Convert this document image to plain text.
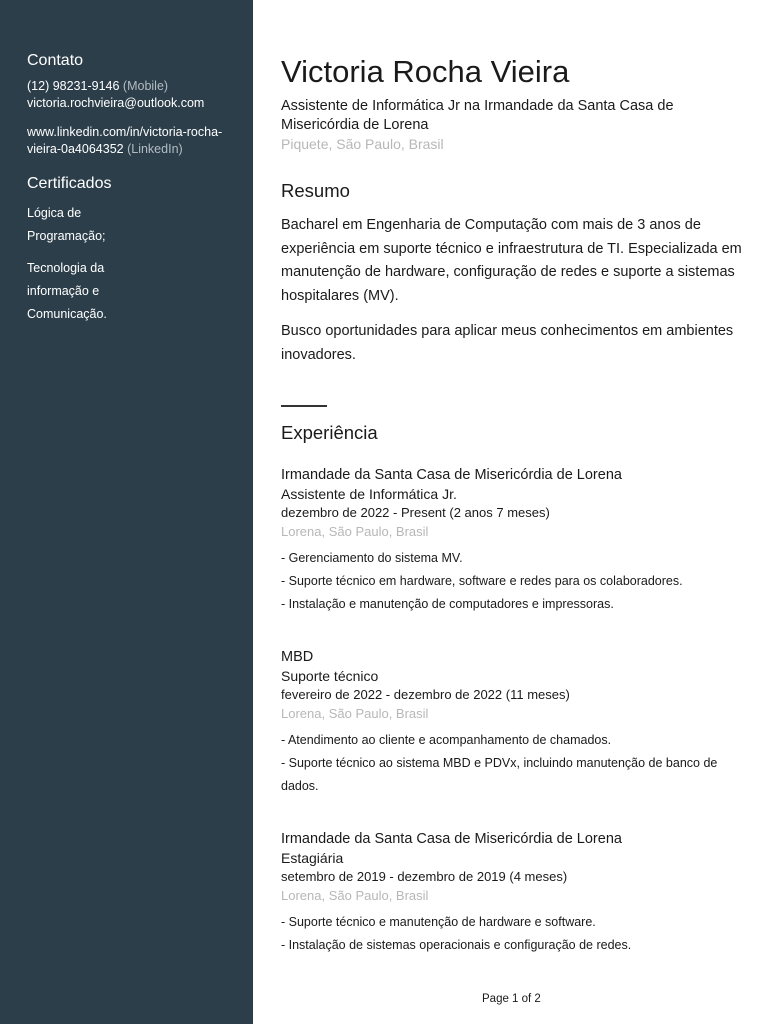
Contato
(12) 98231-9146 (Mobile)
victoria.rochvieira@outlook.com
www.linkedin.com/in/victoria-rocha-
vieira-0a4064352 (LinkedIn)
Certificados
Lógica de
Programação;
Tecnologia da
informação e
Comunicação.
Victoria Rocha Vieira
Assistente de Informática Jr na Irmandade da Santa Casa de
Misericórdia de Lorena
Piquete, São Paulo, Brasil
Resumo

Bacharel em Engenharia de Computação com mais de 3 anos de experiência em suporte técnico e infraestrutura de TI. Especializada em manutenção de hardware, configuração de redes e suporte a sistemas hospitalares (MV).

Busco oportunidades para aplicar meus conhecimentos em ambientes inovadores.

Experiência
Irmandade da Santa Casa de Misericórdia de Lorena
Assistente de Informática Jr.
dezembro de 2022 - Present (2 anos 7 meses)
Lorena, São Paulo, Brasil
- Gerenciamento do sistema MV.
- Suporte técnico em hardware, software e redes para os colaboradores.
- Instalação e manutenção de computadores e impressoras.
MBD
Suporte técnico
fevereiro de 2022 - dezembro de 2022 (11 meses)
Lorena, São Paulo, Brasil
- Atendimento ao cliente e acompanhamento de chamados.
- Suporte técnico ao sistema MBD e PDVx, incluindo manutenção de banco de dados.
Irmandade da Santa Casa de Misericórdia de Lorena
Estagiária
setembro de 2019 - dezembro de 2019 (4 meses)
Lorena, São Paulo, Brasil
- Suporte técnico e manutenção de hardware e software.
- Instalação de sistemas operacionais e configuração de redes.
Page 1 of 2
